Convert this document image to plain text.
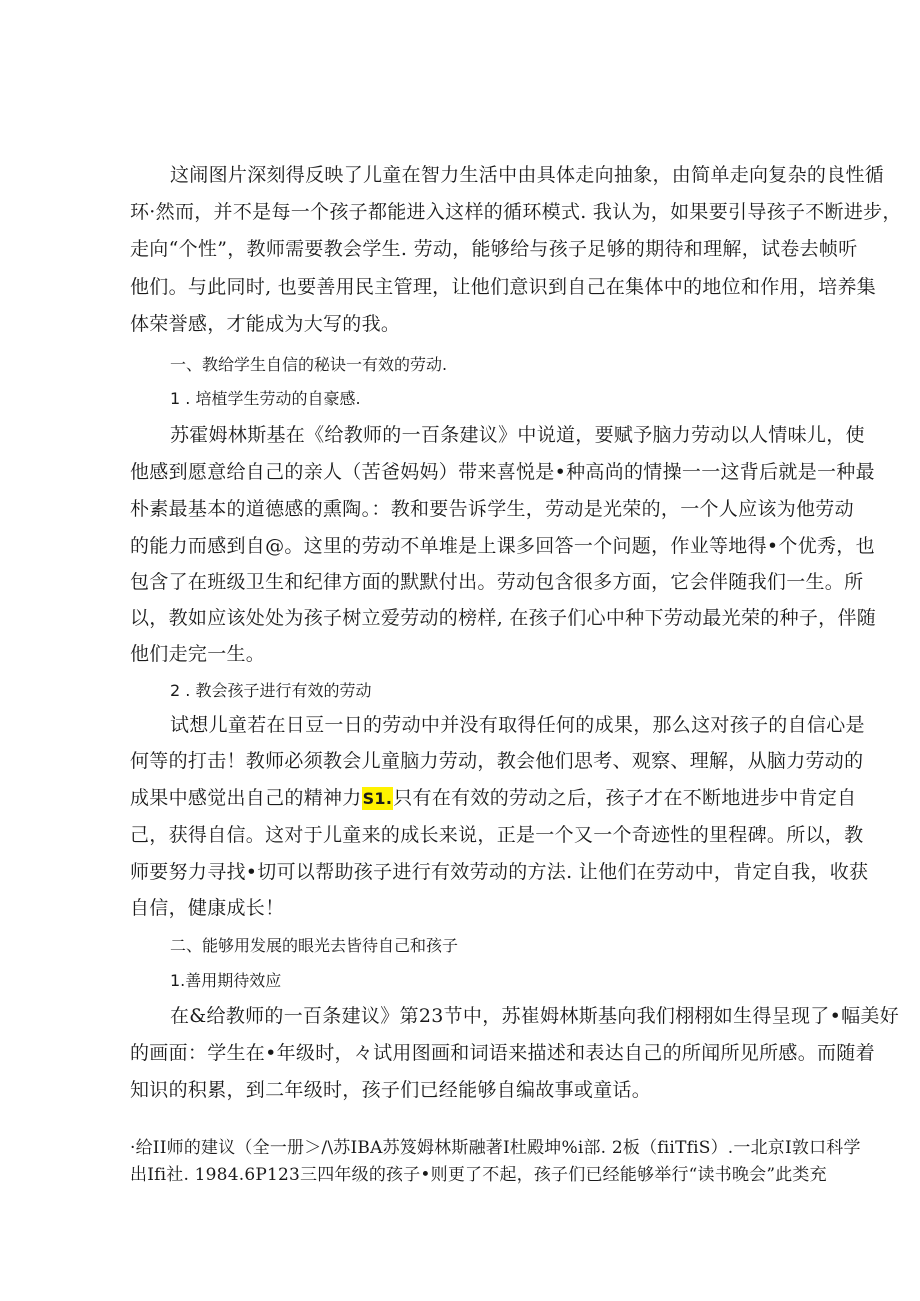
这闹图片深刻得反映了儿童在智力生活中由具体走向抽象，由简单走向复杂的良性循
环·然而，并不是每一个孩子都能进入这样的循环模式. 我认为，如果要引导孩子不断进步，
走向“个性”，教师需要教会学生. 劳动，能够给与孩子足够的期待和理解，试卷去帧听
他们。与此同时, 也要善用民主管理，让他们意识到自己在集体中的地位和作用，培养集
体荣誉感，才能成为大写的我。
一、教给学生自信的秘诀一有效的劳动.
1 . 培植学生劳动的自豪感.
苏霍姆林斯基在《给教师的一百条建议》中说道，要赋予脑力劳动以人情味儿，使
他感到愿意给自己的亲人（苦爸妈妈）带来喜悦是•种高尚的情操一一这背后就是一种最
朴素最基本的道德感的熏陶。：教和要告诉学生，劳动是光荣的，一个人应该为他劳动
的能力而感到自@。这里的劳动不单堆是上课多回答一个问题，作业等地得•个优秀，也
包含了在班级卫生和纪律方面的默默付出。劳动包含很多方面，它会伴随我们一生。所
以，教如应该处处为孩子树立爱劳动的榜样, 在孩子们心中种下劳动最光荣的种子，伴随
他们走完一生。
2 . 教会孩子进行有效的劳动
试想儿童若在日豆一日的劳动中并没有取得任何的成果，那么这对孩子的自信心是
何等的打击！教师必须教会儿童脑力劳动，教会他们思考、观察、理解，从脑力劳动的
成果中感觉出自己的精神力S1.只有在有效的劳动之后，孩子才在不断地进步中肯定自
己，获得自信。这对于儿童来的成长来说，正是一个又一个奇迹性的里程碑。所以，教
师要努力寻找•切可以帮助孩子进行有效劳动的方法. 让他们在劳动中，肯定自我，收获
自信，健康成长！
二、能够用发展的眼光去皆待自己和孩子
1.善用期待效应
在&给教师的一百条建议》第23节中，苏崔姆林斯基向我们栩栩如生得呈现了•幅美好
的画面：学生在•年级时，々试用图画和词语来描述和表达自己的所闻所见所感。而随着
知识的积累，到二年级时，孩子们已经能够自编故事或童话。
·给II师的建议（全一册＞/\苏IBA苏笈姆林斯融著I杜殿坤%i部. 2板（fiiTfiS）.一北京I敦口科学
出Ifi社. 1984.6P123三四年级的孩子•则更了不起，孩子们已经能够举行“读书晚会”此类充
